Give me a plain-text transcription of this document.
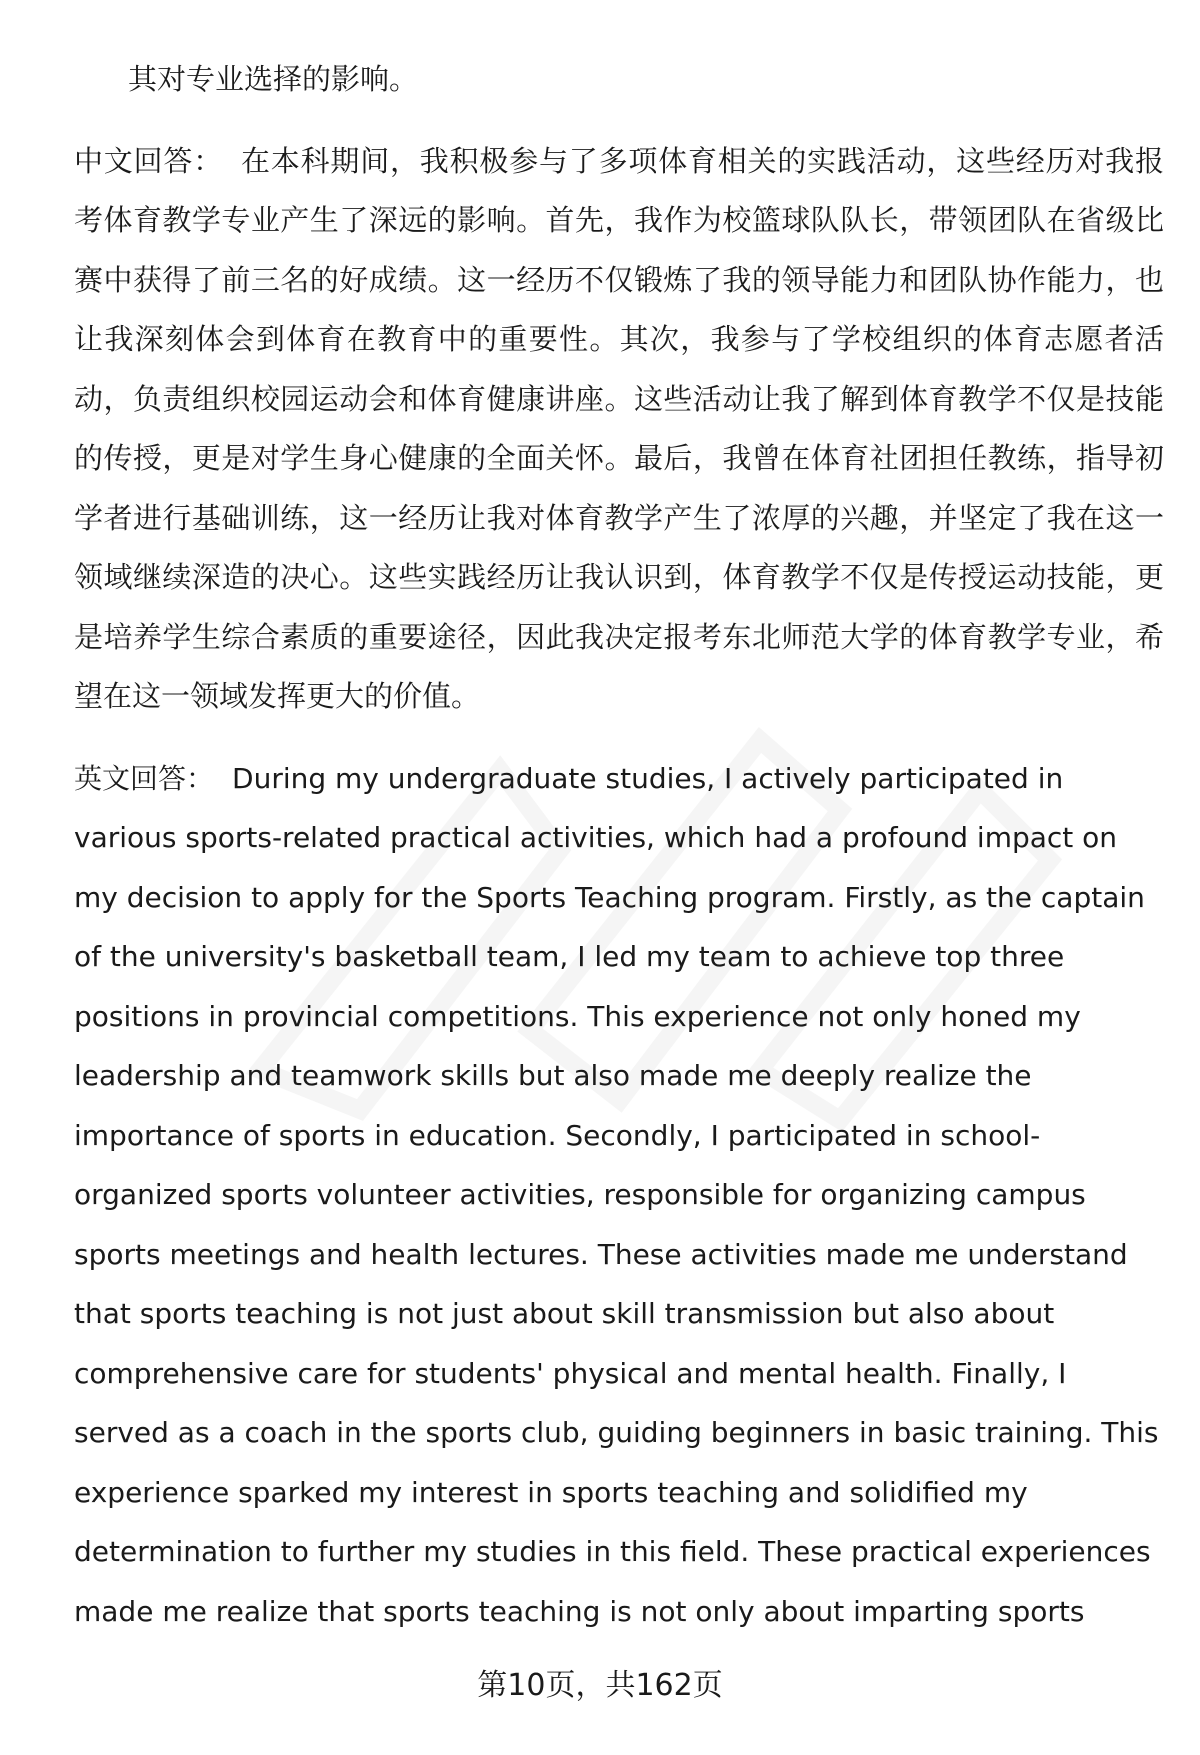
其对专业选择的影响。

中文回答： 在本科期间，我积极参与了多项体育相关的实践活动，这些经历对我报考体育教学专业产生了深远的影响。首先，我作为校篮球队队长，带领团队在省级比赛中获得了前三名的好成绩。这一经历不仅锻炼了我的领导能力和团队协作能力，也让我深刻体会到体育在教育中的重要性。其次，我参与了学校组织的体育志愿者活动，负责组织校园运动会和体育健康讲座。这些活动让我了解到体育教学不仅是技能的传授，更是对学生身心健康的全面关怀。最后，我曾在体育社团担任教练，指导初学者进行基础训练，这一经历让我对体育教学产生了浓厚的兴趣，并坚定了我在这一领域继续深造的决心。这些实践经历让我认识到，体育教学不仅是传授运动技能，更是培养学生综合素质的重要途径，因此我决定报考东北师范大学的体育教学专业，希望在这一领域发挥更大的价值。

英文回答： During my undergraduate studies, I actively participated in various sports-related practical activities, which had a profound impact on my decision to apply for the Sports Teaching program. Firstly, as the captain of the university's basketball team, I led my team to achieve top three positions in provincial competitions. This experience not only honed my leadership and teamwork skills but also made me deeply realize the importance of sports in education. Secondly, I participated in school-organized sports volunteer activities, responsible for organizing campus sports meetings and health lectures. These activities made me understand that sports teaching is not just about skill transmission but also about comprehensive care for students' physical and mental health. Finally, I served as a coach in the sports club, guiding beginners in basic training. This experience sparked my interest in sports teaching and solidified my determination to further my studies in this field. These practical experiences made me realize that sports teaching is not only about imparting sports

第10页，共162页
